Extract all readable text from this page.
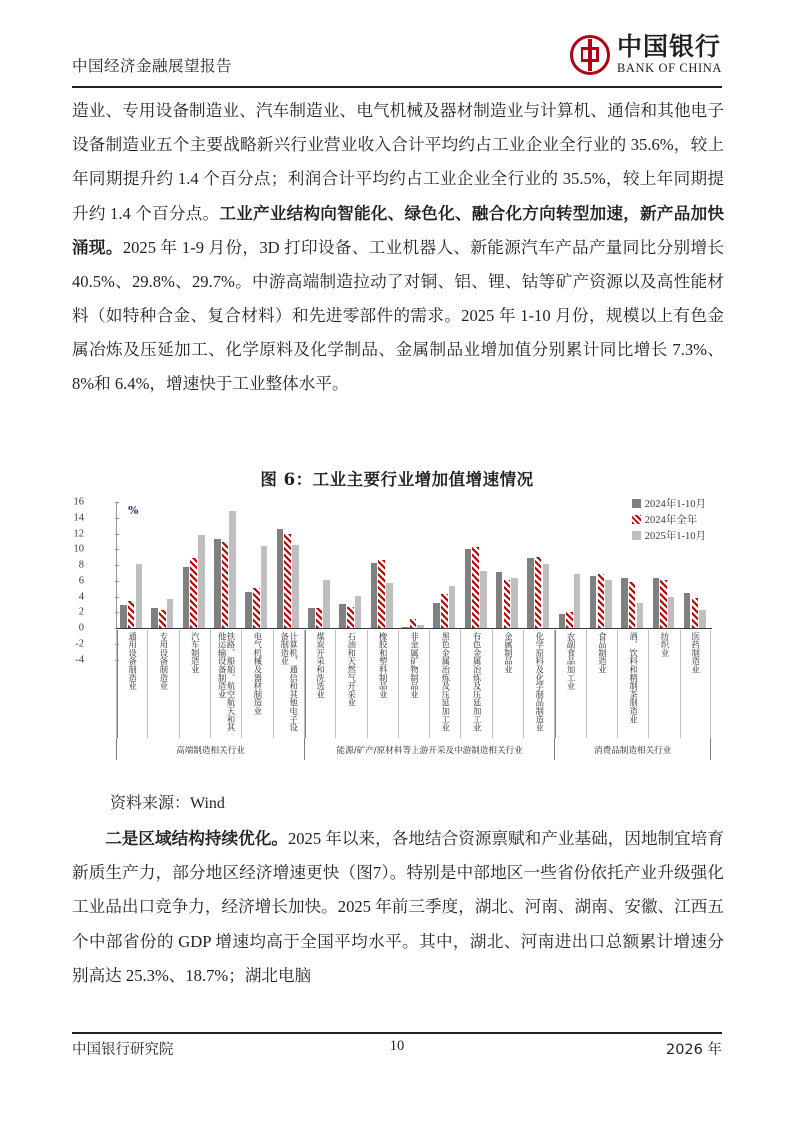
中国经济金融展望报告
中国银行
BANK OF CHINA
造业、专用设备制造业、汽车制造业、电气机械及器材制造业与计算机、通信和其他电子设备制造业五个主要战略新兴行业营业收入合计平均约占工业企业全行业的 35.6%，较上年同期提升约 1.4 个百分点；利润合计平均约占工业企业全行业的 35.5%，较上年同期提升约 1.4 个百分点。工业产业结构向智能化、绿色化、融合化方向转型加速，新产品加快涌现。2025 年 1-9 月份，3D 打印设备、工业机器人、新能源汽车产品产量同比分别增长 40.5%、29.8%、29.7%。中游高端制造拉动了对铜、铝、锂、钴等矿产资源以及高性能材料（如特种合金、复合材料）和先进零部件的需求。2025 年 1-10 月份，规模以上有色金属冶炼及压延加工、化学原料及化学制品、金属制品业增加值分别累计同比增长 7.3%、8%和 6.4%，增速快于工业整体水平。
图 6：工业主要行业增加值增速情况
2024年1-10月
2024年全年
2025年1-10月
%
16
14
12
10
8
6
4
2
0
-2
-4	通用设备制造业	专用设备制造业	汽车制造业	铁路、船舶、航空航天和其他运输设备制造业	电气机械及器材制造业	计算机、通信和其他电子设备制造业	煤炭开采和洗选业	石油和天然气开采业	橡胶和塑料制品业	非金属矿物制品业	黑色金属冶炼及压延加工业	有色金属冶炼及压延加工业	金属制品业	化学原料及化学制品制造业	农副食品加工业	食品制造业	酒、饮料和精制茶制造业	纺织业	医药制造业
高端制造相关行业	能源/矿产/原材料等上游开采及中游制造相关行业	消费品制造相关行业
资料来源：Wind
二是区域结构持续优化。2025 年以来，各地结合资源禀赋和产业基础，因地制宜培育新质生产力，部分地区经济增速更快（图7）。特别是中部地区一些省份依托产业升级强化工业品出口竞争力，经济增长加快。2025 年前三季度，湖北、河南、湖南、安徽、江西五个中部省份的 GDP 增速均高于全国平均水平。其中，湖北、河南进出口总额累计增速分别高达 25.3%、18.7%；湖北电脑
中国银行研究院	10	2026 年
